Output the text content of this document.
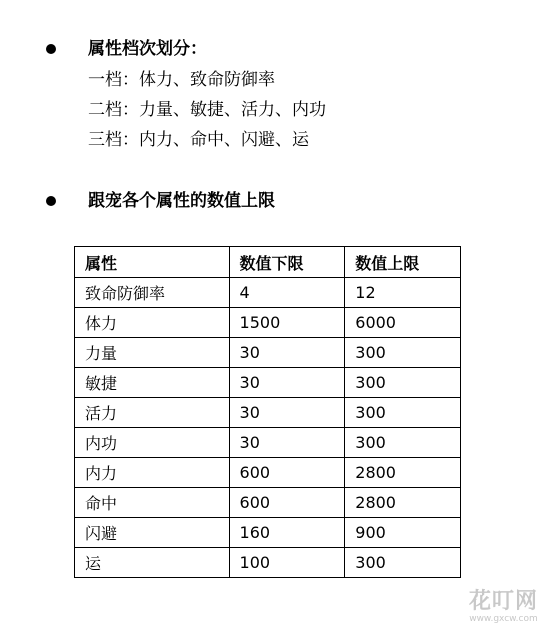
属性档次划分：
一档：体力、致命防御率
二档：力量、敏捷、活力、内功
三档：内力、命中、闪避、运
跟宠各个属性的数值上限
属性	数值下限	数值上限
致命防御率	4	12
体力	1500	6000
力量	30	300
敏捷	30	300
活力	30	300
内功	30	300
内力	600	2800
命中	600	2800
闪避	160	900
运	100	300
花叮网
www.gxcw.com
